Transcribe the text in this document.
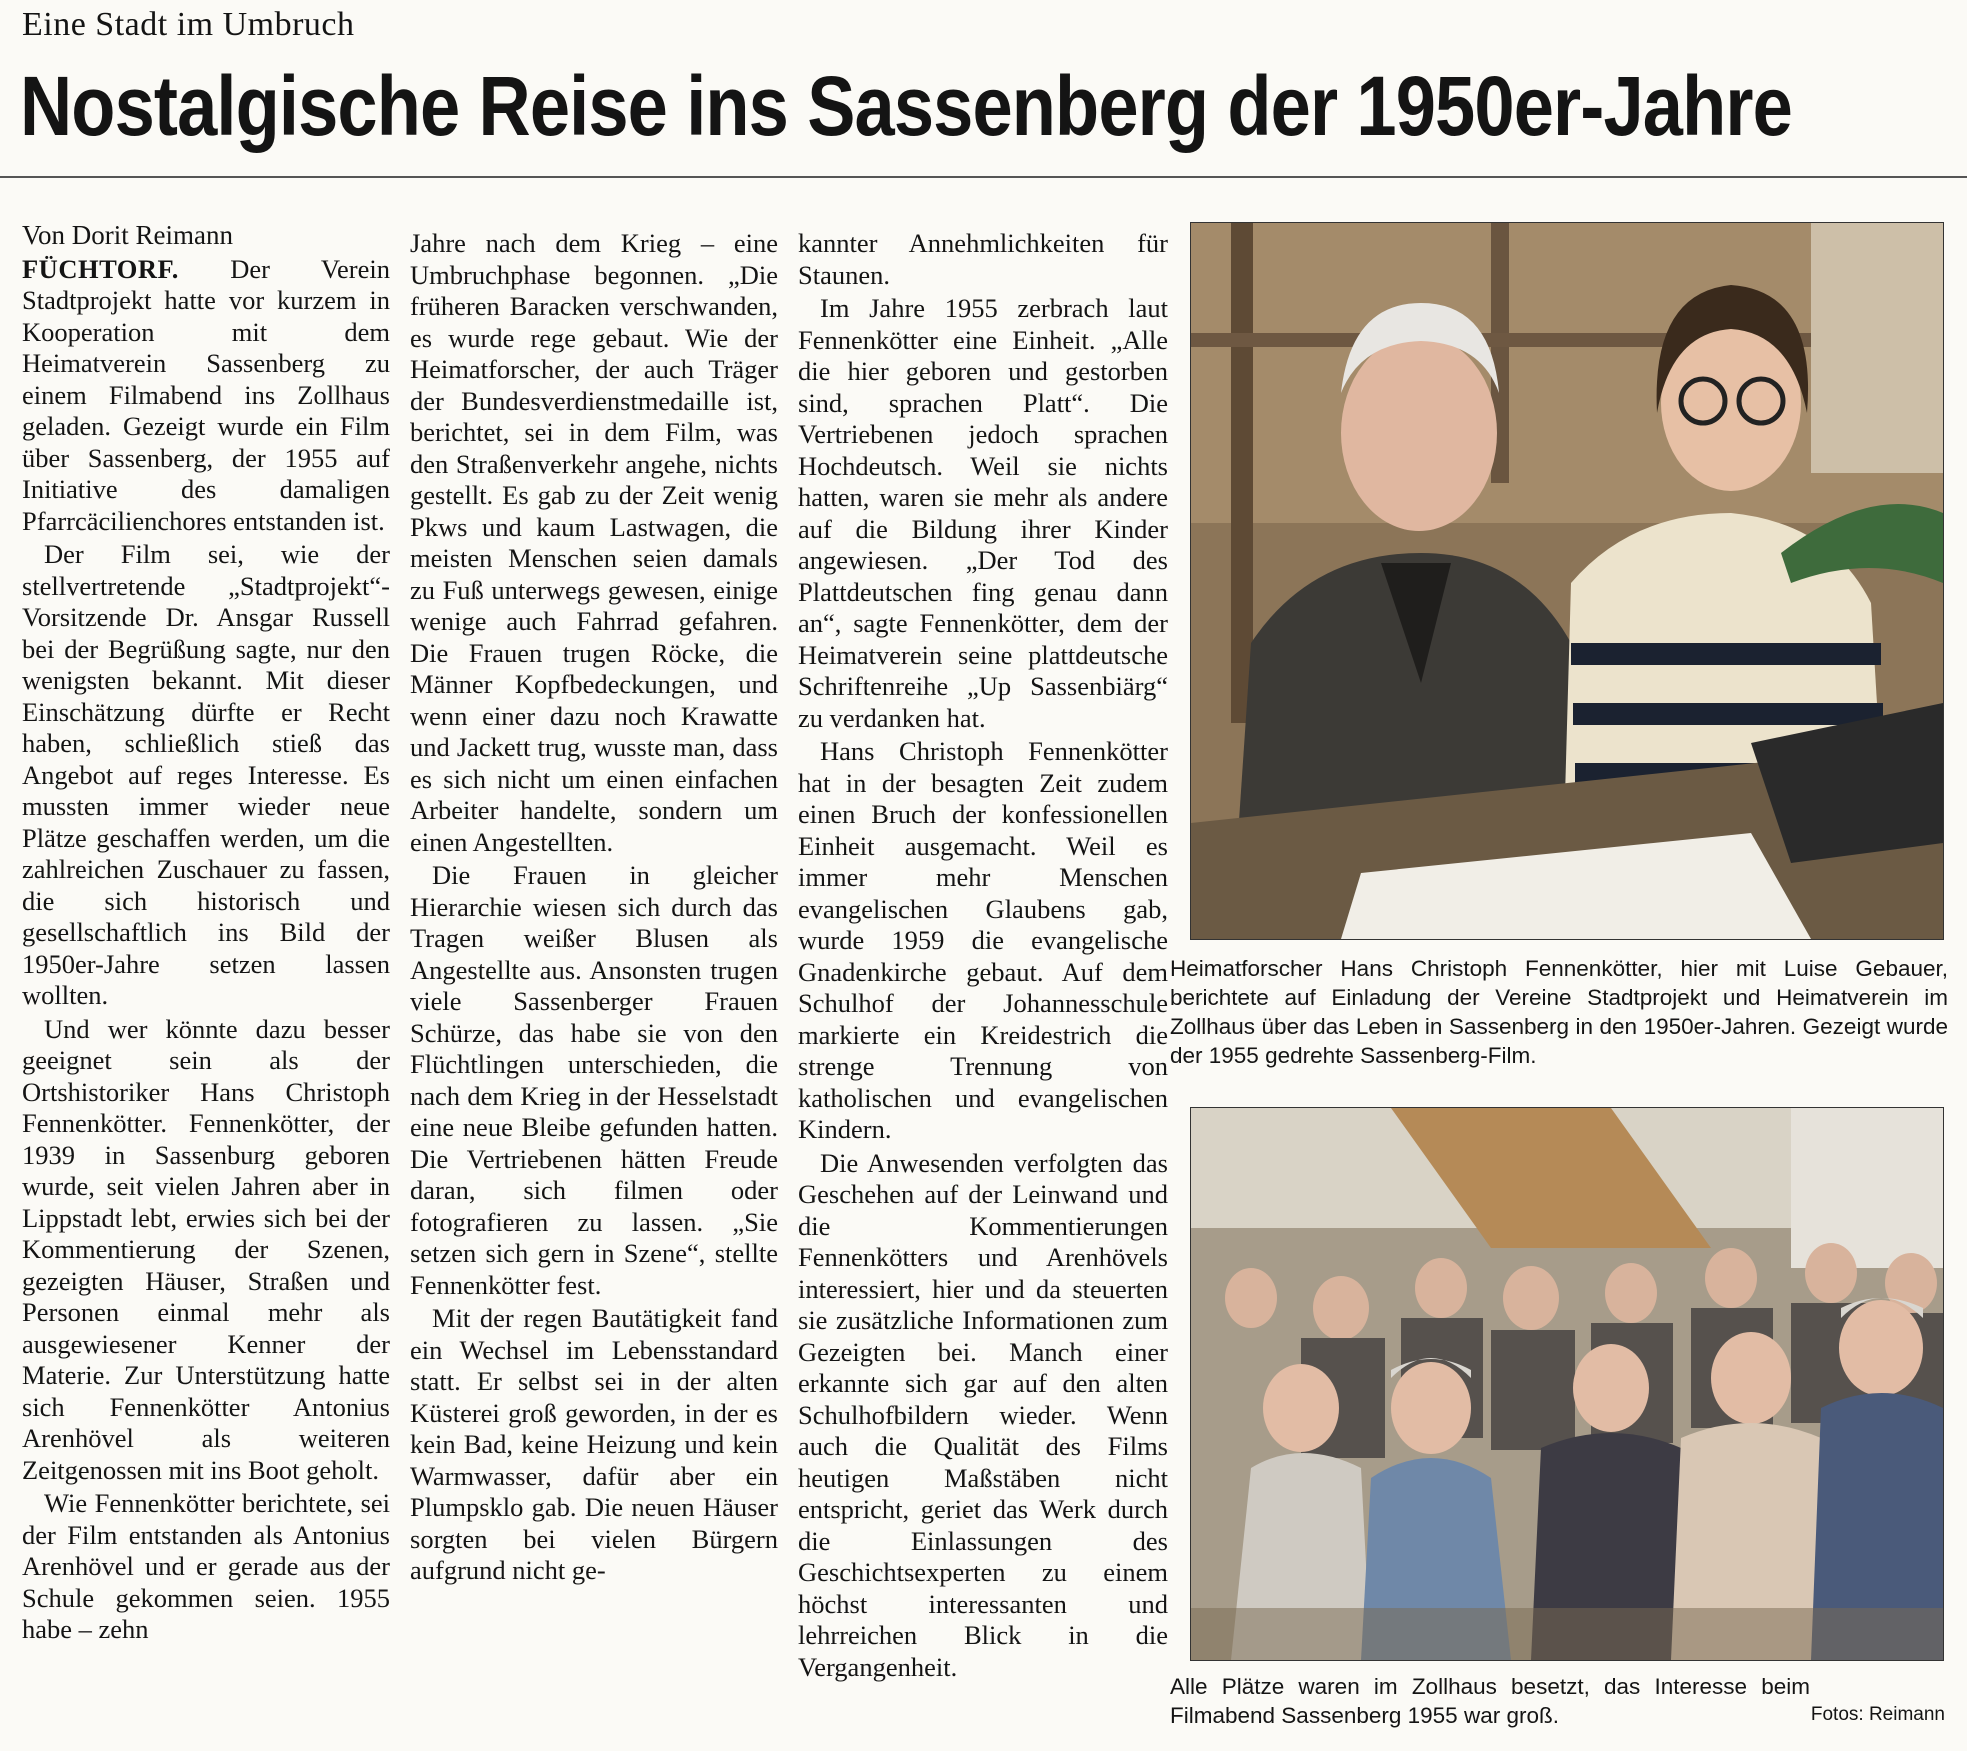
Eine Stadt im Umbruch
Nostalgische Reise ins Sassenberg der 1950er-Jahre

Von Dorit Reimann

FÜCHTORF. Der Verein Stadtprojekt hatte vor kurzem in Kooperation mit dem Heimatverein Sassenberg zu einem Filmabend ins Zollhaus geladen. Gezeigt wurde ein Film über Sassenberg, der 1955 auf Initiative des damaligen Pfarrcäcilienchores entstanden ist.

Der Film sei, wie der stellvertretende „Stadtprojekt“-Vorsitzende Dr. Ansgar Russell bei der Begrüßung sagte, nur den wenigsten bekannt. Mit dieser Einschätzung dürfte er Recht haben, schließlich stieß das Angebot auf reges Interesse. Es mussten immer wieder neue Plätze geschaffen werden, um die zahlreichen Zuschauer zu fassen, die sich historisch und gesellschaftlich ins Bild der 1950er-Jahre setzen lassen wollten.

Und wer könnte dazu besser geeignet sein als der Ortshistoriker Hans Christoph Fennenkötter. Fennenkötter, der 1939 in Sassenburg geboren wurde, seit vielen Jahren aber in Lippstadt lebt, erwies sich bei der Kommentierung der Szenen, gezeigten Häuser, Straßen und Personen einmal mehr als ausgewiesener Kenner der Materie. Zur Unterstützung hatte sich Fennenkötter Antonius Arenhövel als weiteren Zeitgenossen mit ins Boot geholt.

Wie Fennenkötter berichtete, sei der Film entstanden als Antonius Arenhövel und er gerade aus der Schule gekommen seien. 1955 habe – zehn

Jahre nach dem Krieg – eine Umbruchphase begonnen. „Die früheren Baracken verschwanden, es wurde rege gebaut. Wie der Heimatforscher, der auch Träger der Bundesverdienstmedaille ist, berichtet, sei in dem Film, was den Straßenverkehr angehe, nichts gestellt. Es gab zu der Zeit wenig Pkws und kaum Lastwagen, die meisten Menschen seien damals zu Fuß unterwegs gewesen, einige wenige auch Fahrrad gefahren. Die Frauen trugen Röcke, die Männer Kopfbedeckungen, und wenn einer dazu noch Krawatte und Jackett trug, wusste man, dass es sich nicht um einen einfachen Arbeiter handelte, sondern um einen Angestellten.

Die Frauen in gleicher Hierarchie wiesen sich durch das Tragen weißer Blusen als Angestellte aus. Ansonsten trugen viele Sassenberger Frauen Schürze, das habe sie von den Flüchtlingen unterschieden, die nach dem Krieg in der Hesselstadt eine neue Bleibe gefunden hatten. Die Vertriebenen hätten Freude daran, sich filmen oder fotografieren zu lassen. „Sie setzen sich gern in Szene“, stellte Fennenkötter fest.

Mit der regen Bautätigkeit fand ein Wechsel im Lebensstandard statt. Er selbst sei in der alten Küsterei groß geworden, in der es kein Bad, keine Heizung und kein Warmwasser, dafür aber ein Plumpsklo gab. Die neuen Häuser sorgten bei vielen Bürgern aufgrund nicht ge-

kannter Annehmlichkeiten für Staunen.

Im Jahre 1955 zerbrach laut Fennenkötter eine Einheit. „Alle die hier geboren und gestorben sind, sprachen Platt“. Die Vertriebenen jedoch sprachen Hochdeutsch. Weil sie nichts hatten, waren sie mehr als andere auf die Bildung ihrer Kinder angewiesen. „Der Tod des Plattdeutschen fing genau dann an“, sagte Fennenkötter, dem der Heimatverein seine plattdeutsche Schriftenreihe „Up Sassenbiärg“ zu verdanken hat.

Hans Christoph Fennenkötter hat in der besagten Zeit zudem einen Bruch der konfessionellen Einheit ausgemacht. Weil es immer mehr Menschen evangelischen Glaubens gab, wurde 1959 die evangelische Gnadenkirche gebaut. Auf dem Schulhof der Johannesschule markierte ein Kreidestrich die strenge Trennung von katholischen und evangelischen Kindern.

Die Anwesenden verfolgten das Geschehen auf der Leinwand und die Kommentierungen Fennenkötters und Arenhövels interessiert, hier und da steuerten sie zusätzliche Informationen zum Gezeigten bei. Manch einer erkannte sich gar auf den alten Schulhofbildern wieder. Wenn auch die Qualität des Films heutigen Maßstäben nicht entspricht, geriet das Werk durch die Einlassungen des Geschichtsexperten zu einem höchst interessanten und lehrreichen Blick in die Vergangenheit.

Heimatforscher Hans Christoph Fennenkötter, hier mit Luise Gebauer, berichtete auf Einladung der Vereine Stadtprojekt und Heimatverein im Zollhaus über das Leben in Sassenberg in den 1950er-Jahren. Gezeigt wurde der 1955 gedrehte Sassenberg-Film.
Alle Plätze waren im Zollhaus besetzt, das Interesse beim Filmabend Sassenberg 1955 war groß.	Fotos: Reimann
